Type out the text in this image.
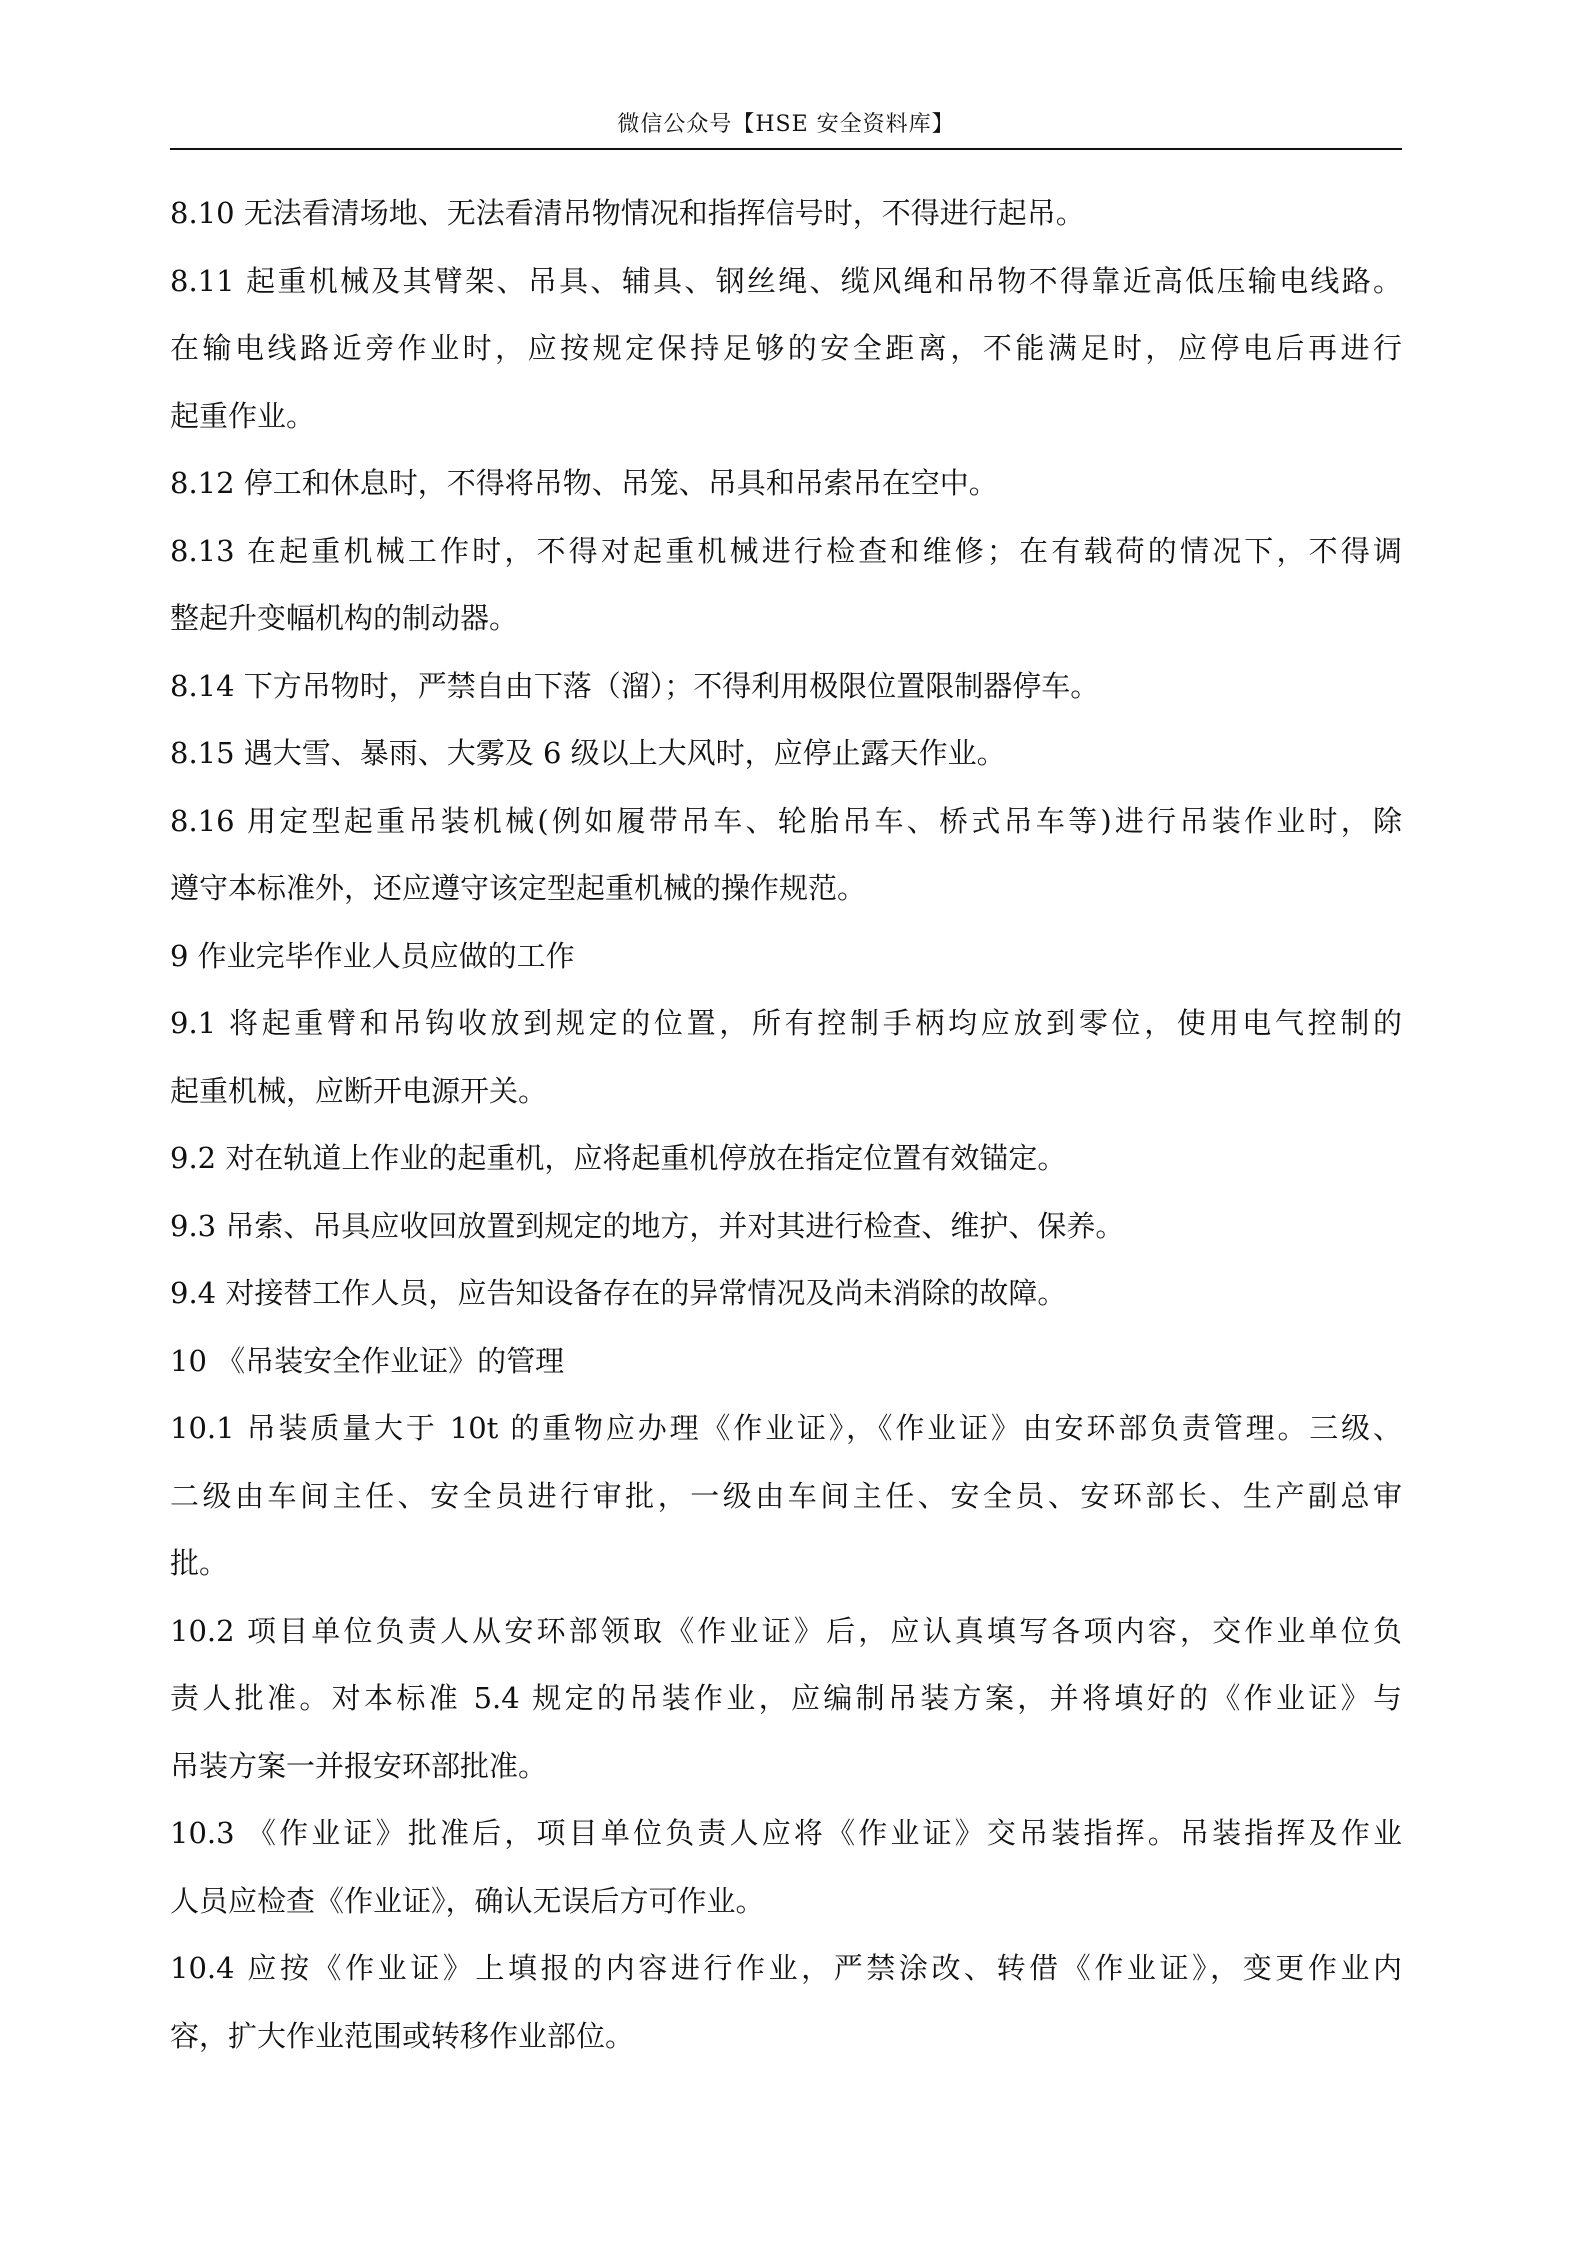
微信公众号【HSE 安全资料库】
8.10 无法看清场地、无法看清吊物情况和指挥信号时，不得进行起吊。
8.11 起重机械及其臂架、吊具、辅具、钢丝绳、缆风绳和吊物不得靠近高低压输电线路。
在输电线路近旁作业时，应按规定保持足够的安全距离，不能满足时，应停电后再进行
起重作业。
8.12 停工和休息时，不得将吊物、吊笼、吊具和吊索吊在空中。
8.13 在起重机械工作时，不得对起重机械进行检查和维修；在有载荷的情况下，不得调
整起升变幅机构的制动器。
8.14 下方吊物时，严禁自由下落（溜）；不得利用极限位置限制器停车。
8.15 遇大雪、暴雨、大雾及 6 级以上大风时，应停止露天作业。
8.16 用定型起重吊装机械(例如履带吊车、轮胎吊车、桥式吊车等)进行吊装作业时，除
遵守本标准外，还应遵守该定型起重机械的操作规范。
9 作业完毕作业人员应做的工作
9.1 将起重臂和吊钩收放到规定的位置，所有控制手柄均应放到零位，使用电气控制的
起重机械，应断开电源开关。
9.2 对在轨道上作业的起重机，应将起重机停放在指定位置有效锚定。
9.3 吊索、吊具应收回放置到规定的地方，并对其进行检查、维护、保养。
9.4 对接替工作人员，应告知设备存在的异常情况及尚未消除的故障。
10 《吊装安全作业证》的管理
10.1 吊装质量大于 10t 的重物应办理《作业证》，《作业证》由安环部负责管理。三级、
二级由车间主任、安全员进行审批，一级由车间主任、安全员、安环部长、生产副总审
批。
10.2 项目单位负责人从安环部领取《作业证》后，应认真填写各项内容，交作业单位负
责人批准。对本标准 5.4 规定的吊装作业，应编制吊装方案，并将填好的《作业证》与
吊装方案一并报安环部批准。
10.3 《作业证》批准后，项目单位负责人应将《作业证》交吊装指挥。吊装指挥及作业
人员应检查《作业证》，确认无误后方可作业。
10.4 应按《作业证》上填报的内容进行作业，严禁涂改、转借《作业证》，变更作业内
容，扩大作业范围或转移作业部位。
